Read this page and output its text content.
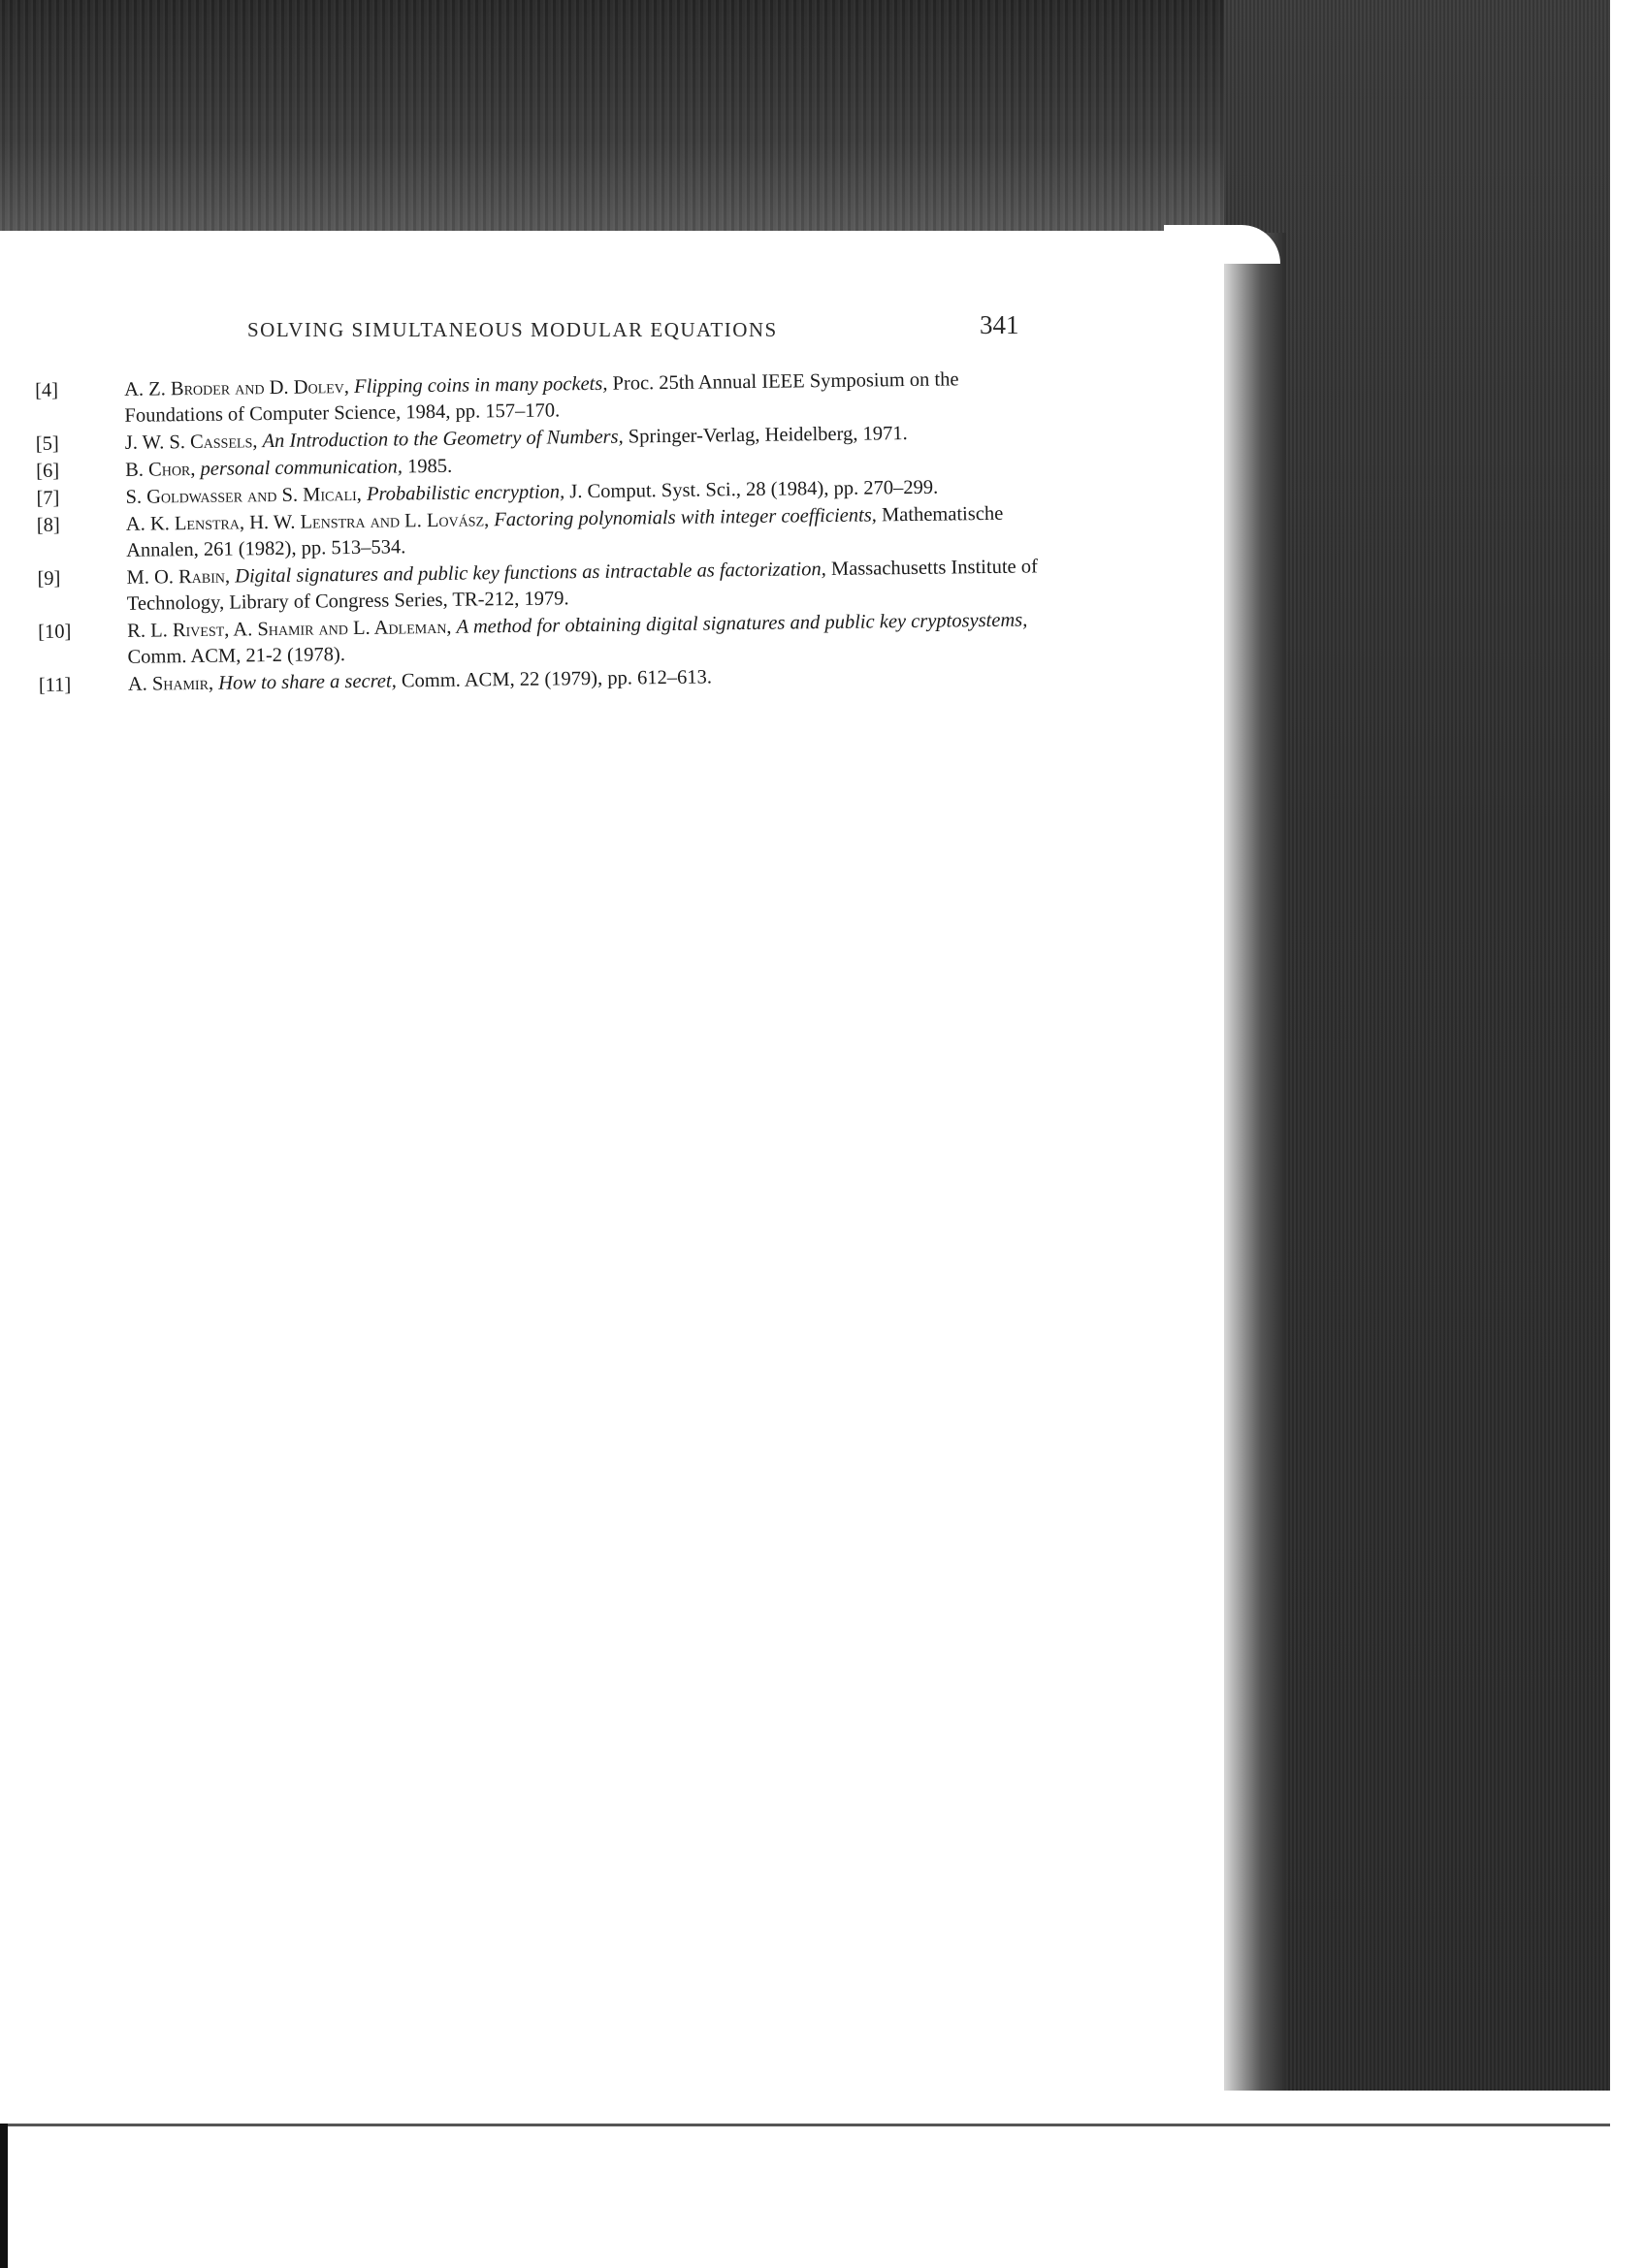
SOLVING SIMULTANEOUS MODULAR EQUATIONS	341
[4]	A. Z. Broder and D. Dolev, Flipping coins in many pockets, Proc. 25th Annual IEEE Symposium on the Foundations of Computer Science, 1984, pp. 157–170.
[5]	J. W. S. Cassels, An Introduction to the Geometry of Numbers, Springer-Verlag, Heidelberg, 1971.
[6]	B. Chor, personal communication, 1985.
[7]	S. Goldwasser and S. Micali, Probabilistic encryption, J. Comput. Syst. Sci., 28 (1984), pp. 270–299.
[8]	A. K. Lenstra, H. W. Lenstra and L. Lovász, Factoring polynomials with integer coefficients, Mathematische Annalen, 261 (1982), pp. 513–534.
[9]	M. O. Rabin, Digital signatures and public key functions as intractable as factorization, Massachusetts Institute of Technology, Library of Congress Series, TR-212, 1979.
[10]	R. L. Rivest, A. Shamir and L. Adleman, A method for obtaining digital signatures and public key cryptosystems, Comm. ACM, 21-2 (1978).
[11]	A. Shamir, How to share a secret, Comm. ACM, 22 (1979), pp. 612–613.
